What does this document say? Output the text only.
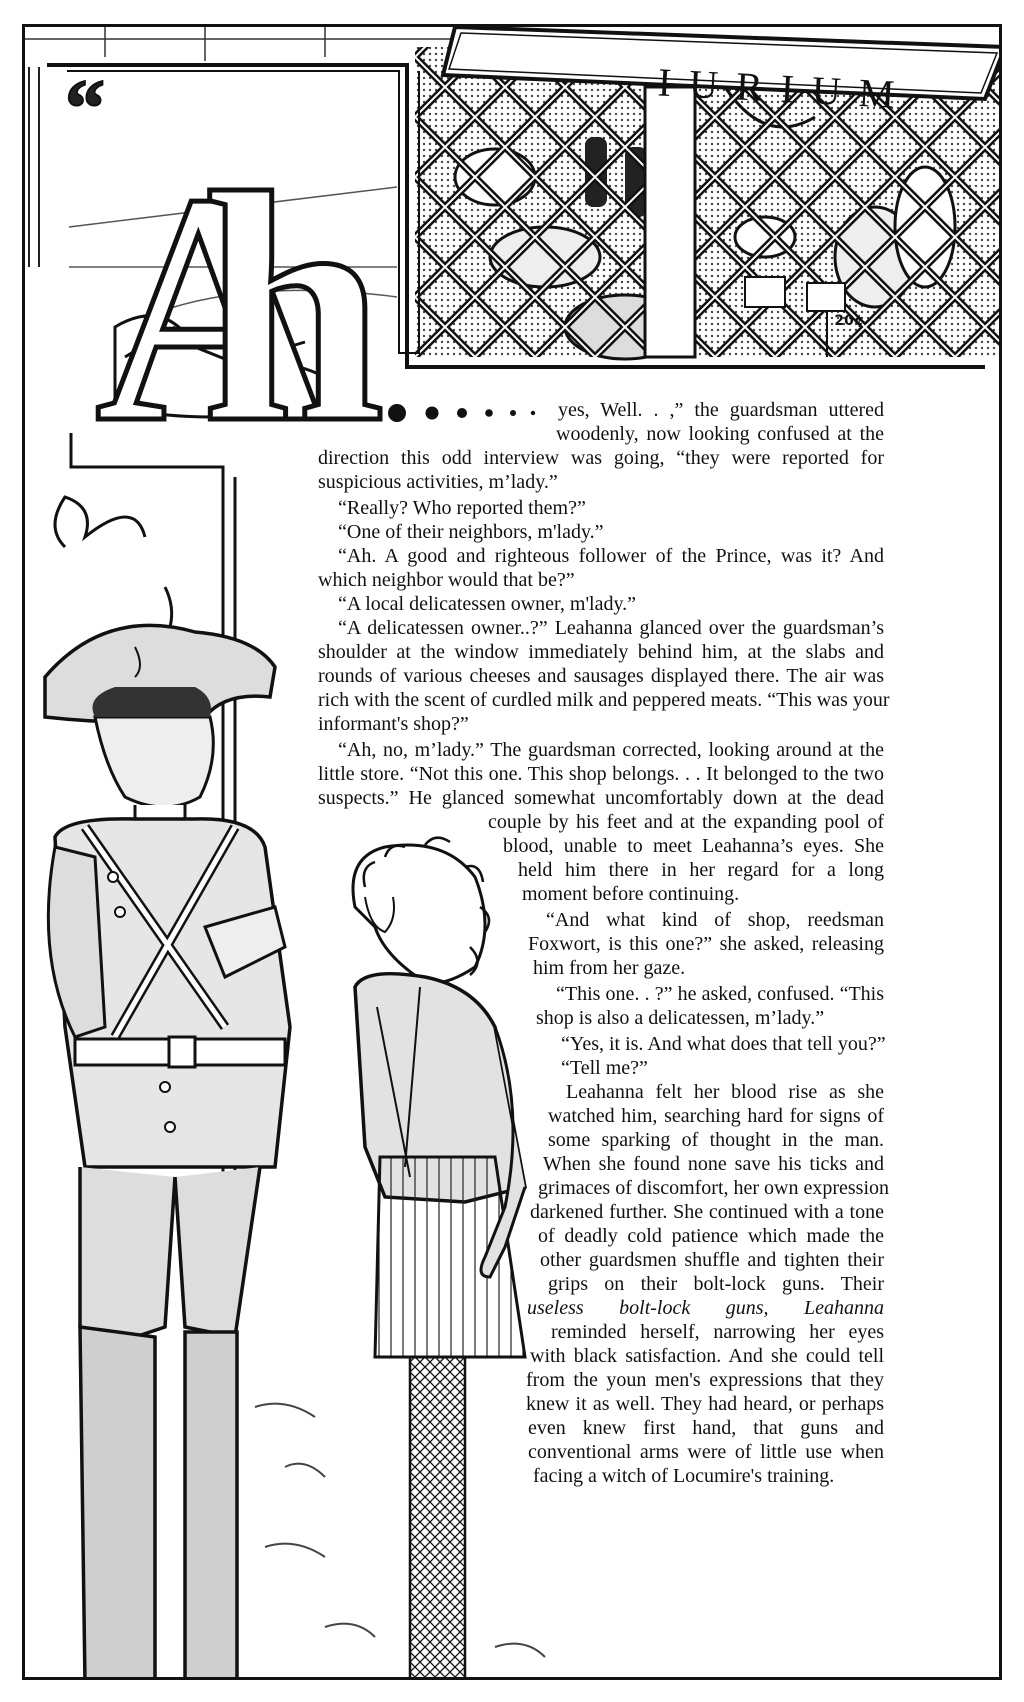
“
Ah
IURIUM
20¢
yes, Well. . ,” the guardsman uttered
woodenly, now looking confused at the
direction this odd interview was going, “they were reported for
suspicious activities, m’lady.”
“Really? Who reported them?”
“One of their neighbors, m'lady.”
“Ah. A good and righteous follower of the Prince, was it? And
which neighbor would that be?”
“A local delicatessen owner, m'lady.”
“A delicatessen owner..?” Leahanna glanced over the guardsman’s
shoulder at the window immediately behind him, at the slabs and
rounds of various cheeses and sausages displayed there. The air was
rich with the scent of curdled milk and peppered meats. “This was your
informant's shop?”
“Ah, no, m’lady.” The guardsman corrected, looking around at the
little store. “Not this one. This shop belongs. . . It belonged to the two
suspects.” He glanced somewhat uncomfortably down at the dead
couple by his feet and at the expanding pool of
blood, unable to meet Leahanna’s eyes. She
held him there in her regard for a long
moment before continuing.
“And what kind of shop, reedsman
Foxwort, is this one?” she asked, releasing
him from her gaze.
“This one. . ?” he asked, confused. “This
shop is also a delicatessen, m’lady.”
“Yes, it is. And what does that tell you?”
“Tell me?”
Leahanna felt her blood rise as she
watched him, searching hard for signs of
some sparking of thought in the man.
When she found none save his ticks and
grimaces of discomfort, her own expression
darkened further. She continued with a tone
of deadly cold patience which made the
other guardsmen shuffle and tighten their
grips on their bolt-lock guns. Their
useless bolt-lock guns, Leahanna
reminded herself, narrowing her eyes
with black satisfaction. And she could tell
from the youn men's expressions that they
knew it as well. They had heard, or perhaps
even knew first hand, that guns and
conventional arms were of little use when
facing a witch of Locumire's training.
